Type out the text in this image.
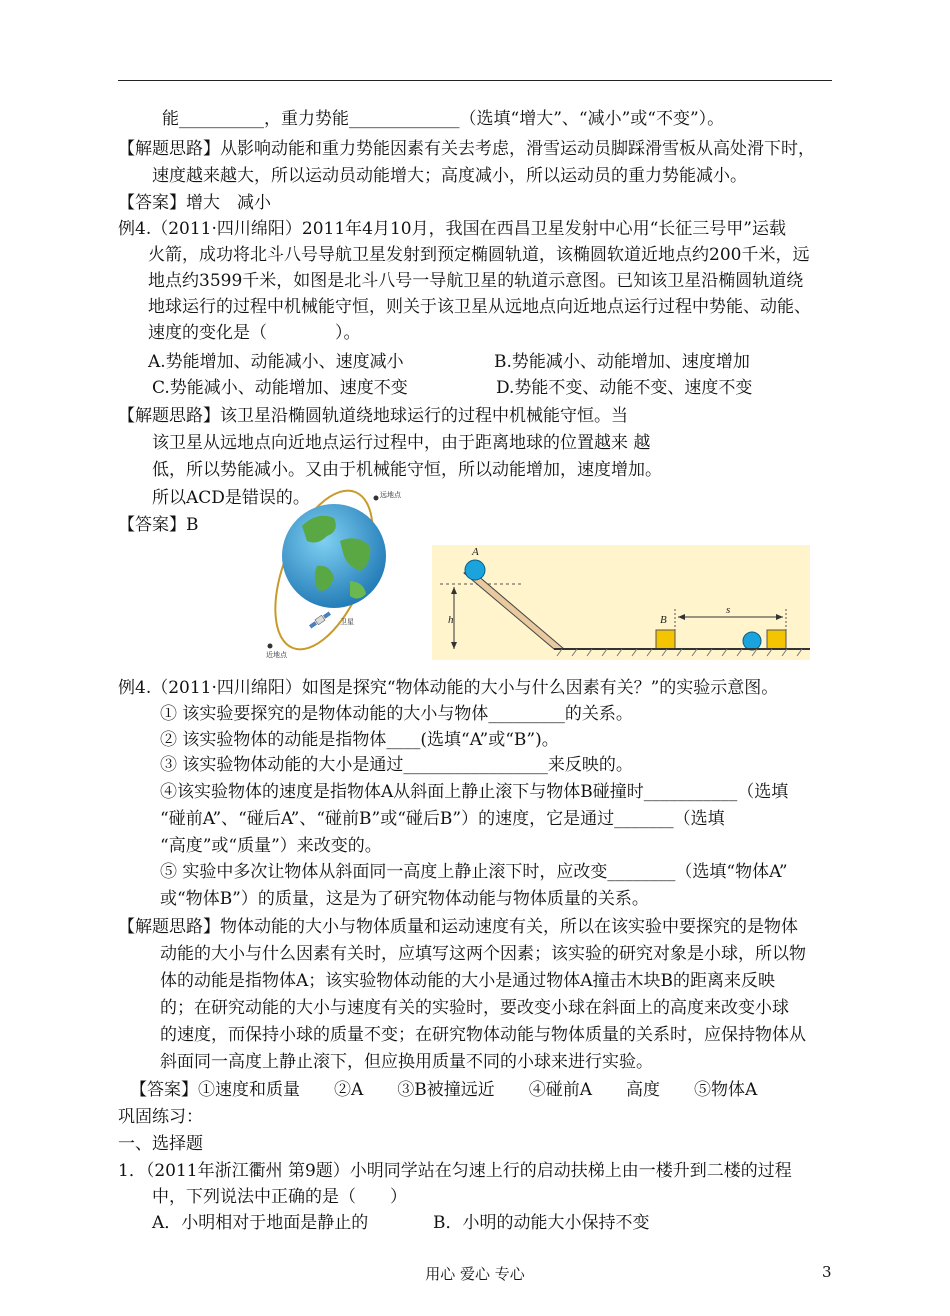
能__________，重力势能_____________（选填“增大”、“减小”或“不变”）。
【解题思路】从影响动能和重力势能因素有关去考虑，滑雪运动员脚踩滑雪板从高处滑下时，
速度越来越大，所以运动员动能增大；高度减小，所以运动员的重力势能减小。
【答案】增大　减小
例4.（2011·四川绵阳）2011年4月10月，我国在西昌卫星发射中心用“长征三号甲”运载
火箭，成功将北斗八号导航卫星发射到预定椭圆轨道，该椭圆软道近地点约200千米，远
地点约3599千米，如图是北斗八号一导航卫星的轨道示意图。已知该卫星沿椭圆轨道绕
地球运行的过程中机械能守恒，则关于该卫星从远地点向近地点运行过程中势能、动能、
速度的变化是（　　　　）。
A.势能增加、动能减小、速度减小	B.势能减小、动能增加、速度增加
C.势能减小、动能增加、速度不变	D.势能不变、动能不变、速度不变
【解题思路】该卫星沿椭圆轨道绕地球运行的过程中机械能守恒。当
该卫星从远地点向近地点运行过程中，由于距离地球的位置越来 越
低，所以势能减小。又由于机械能守恒，所以动能增加，速度增加。
所以ACD是错误的。
【答案】B
远地点
近地点
卫星	h
A
B
s
例4.（2011·四川绵阳）如图是探究“物体动能的大小与什么因素有关？”的实验示意图。
① 该实验要探究的是物体动能的大小与物体_________的关系。
② 该实验物体的动能是指物体____(选填“A”或“B”)。
③ 该实验物体动能的大小是通过_________________来反映的。
④该实验物体的速度是指物体A从斜面上静止滚下与物体B碰撞时___________（选填
“碰前A”、“碰后A”、“碰前B”或“碰后B”）的速度，它是通过_______（选填
“高度”或“质量”）来改变的。
⑤ 实验中多次让物体从斜面同一高度上静止滚下时，应改变________（选填“物体A”
或“物体B”）的质量，这是为了研究物体动能与物体质量的关系。
【解题思路】物体动能的大小与物体质量和运动速度有关，所以在该实验中要探究的是物体
动能的大小与什么因素有关时，应填写这两个因素；该实验的研究对象是小球，所以物
体的动能是指物体A；该实验物体动能的大小是通过物体A撞击木块B的距离来反映
的；在研究动能的大小与速度有关的实验时，要改变小球在斜面上的高度来改变小球
的速度，而保持小球的质量不变；在研究物体动能与物体质量的关系时，应保持物体从
斜面同一高度上静止滚下，但应换用质量不同的小球来进行实验。
【答案】①速度和质量　　②A　　③B被撞远近　　④碰前A　　高度　　⑤物体A
巩固练习：
一、选择题
1．（2011年浙江衢州 第9题）小明同学站在匀速上行的启动扶梯上由一楼升到二楼的过程
中，下列说法中正确的是（　　）
A．小明相对于地面是静止的	B．小明的动能大小保持不变
用心 爱心 专心	3
